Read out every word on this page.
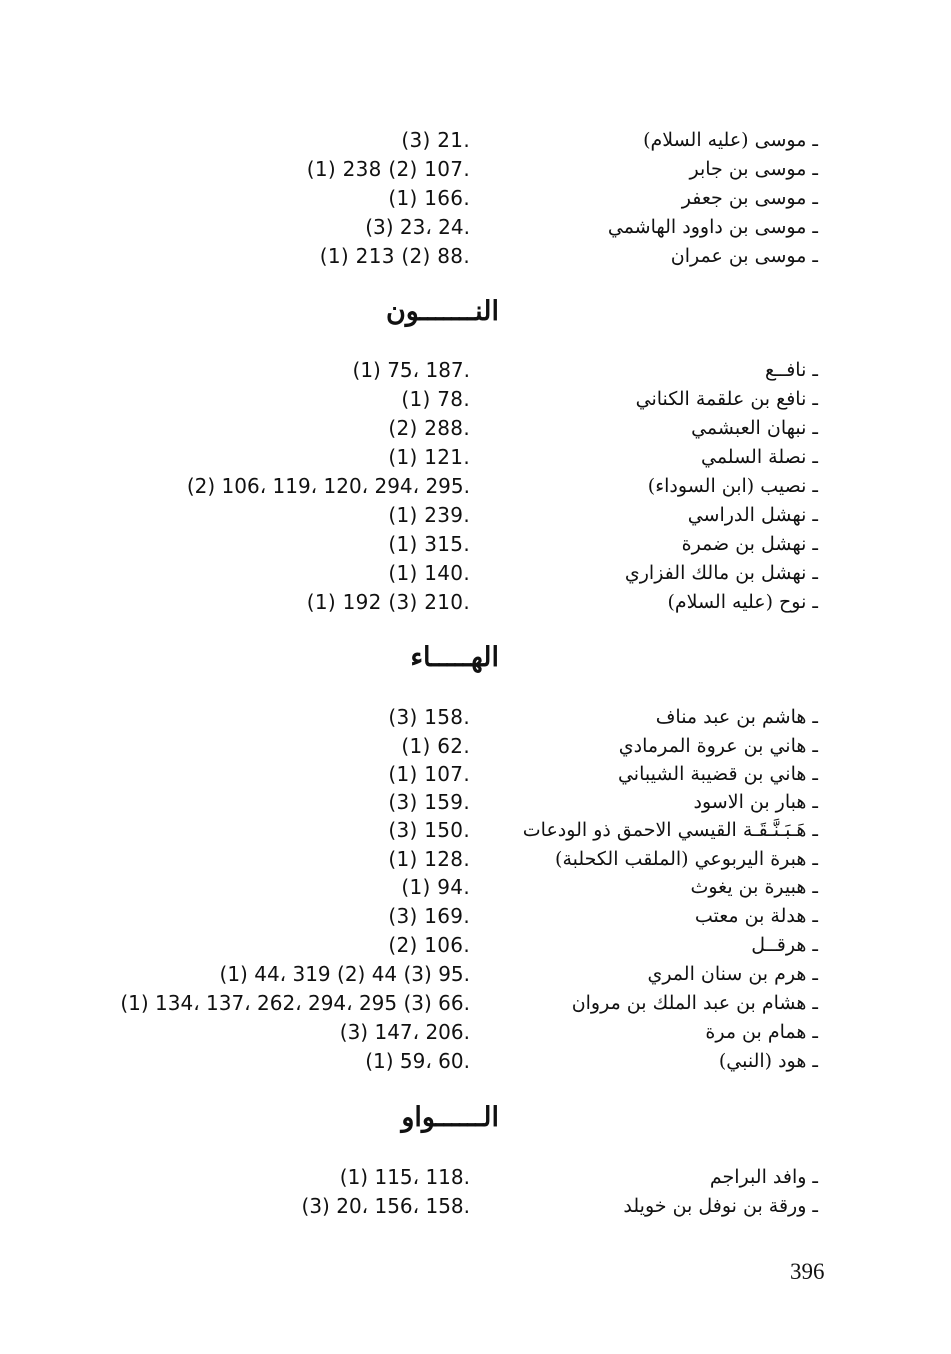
ـ موسى (عليه السلام)
(3) 21.
ـ موسى بن جابر
(1) 238 (2) 107.
ـ موسى بن جعفر
(1) 166.
ـ موسى بن داوود الهاشمي
(3) 23، 24.
ـ موسى بن عمران
(1) 213 (2) 88.
النـــــــون
ـ نافــع
(1) 75، 187.
ـ نافع بن علقمة الكناني
(1) 78.
ـ نبهان العبشمي
(2) 288.
ـ نصلة السلمي
(1) 121.
ـ نصيب (ابن السوداء)
(2) 106، 119، 120، 294، 295.
ـ نهشل الدراسي
(1) 239.
ـ نهشل بن ضمرة
(1) 315.
ـ نهشل بن مالك الفزاري
(1) 140.
ـ نوح (عليه السلام)
(1) 192 (3) 210.
الهـــــاء
ـ هاشم بن عبد مناف
(3) 158.
ـ هاني بن عروة المرمادي
(1) 62.
ـ هاني بن قضيبة الشيباني
(1) 107.
ـ هبار بن الاسود
(3) 159.
ـ هَـبَـنَّـقَـة القيسي الاحمق ذو الودعات
(3) 150.
ـ هبرة اليربوعي (الملقب الكحلبة)
(1) 128.
ـ هبيرة بن يغوث
(1) 94.
ـ هدلة بن معتب
(3) 169.
ـ هرقــل
(2) 106.
ـ هرم بن سنان المري
(1) 44، 319 (2) 44 (3) 95.
ـ هشام بن عبد الملك بن مروان
(1) 134، 137، 262، 294، 295 (3) 66.
ـ همام بن مرة
(3) 147، 206.
ـ هود (النبي)
(1) 59، 60.
الــــــواو
ـ وافد البراجم
(1) 115، 118.
ـ ورقة بن نوفل بن خويلد
(3) 20، 156، 158.
396
